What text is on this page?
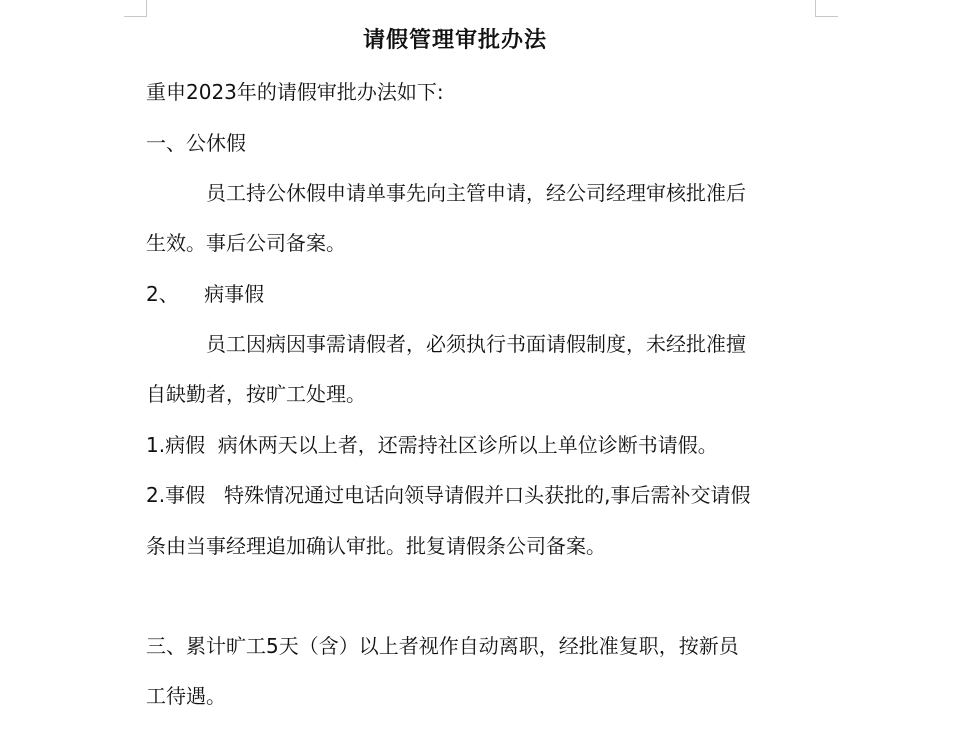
请假管理审批办法

重申2023年的请假审批办法如下:

一、公休假

员工持公休假申请单事先向主管申请，经公司经理审核批准后

生效。事后公司备案。

2、    病事假

员工因病因事需请假者，必须执行书面请假制度，未经批准擅

自缺勤者，按旷工处理。

1.病假  病休两天以上者，还需持社区诊所以上单位诊断书请假。

2.事假   特殊情况通过电话向领导请假并口头获批的,事后需补交请假

条由当事经理追加确认审批。批复请假条公司备案。

三、累计旷工5天（含）以上者视作自动离职，经批准复职，按新员

工待遇。
